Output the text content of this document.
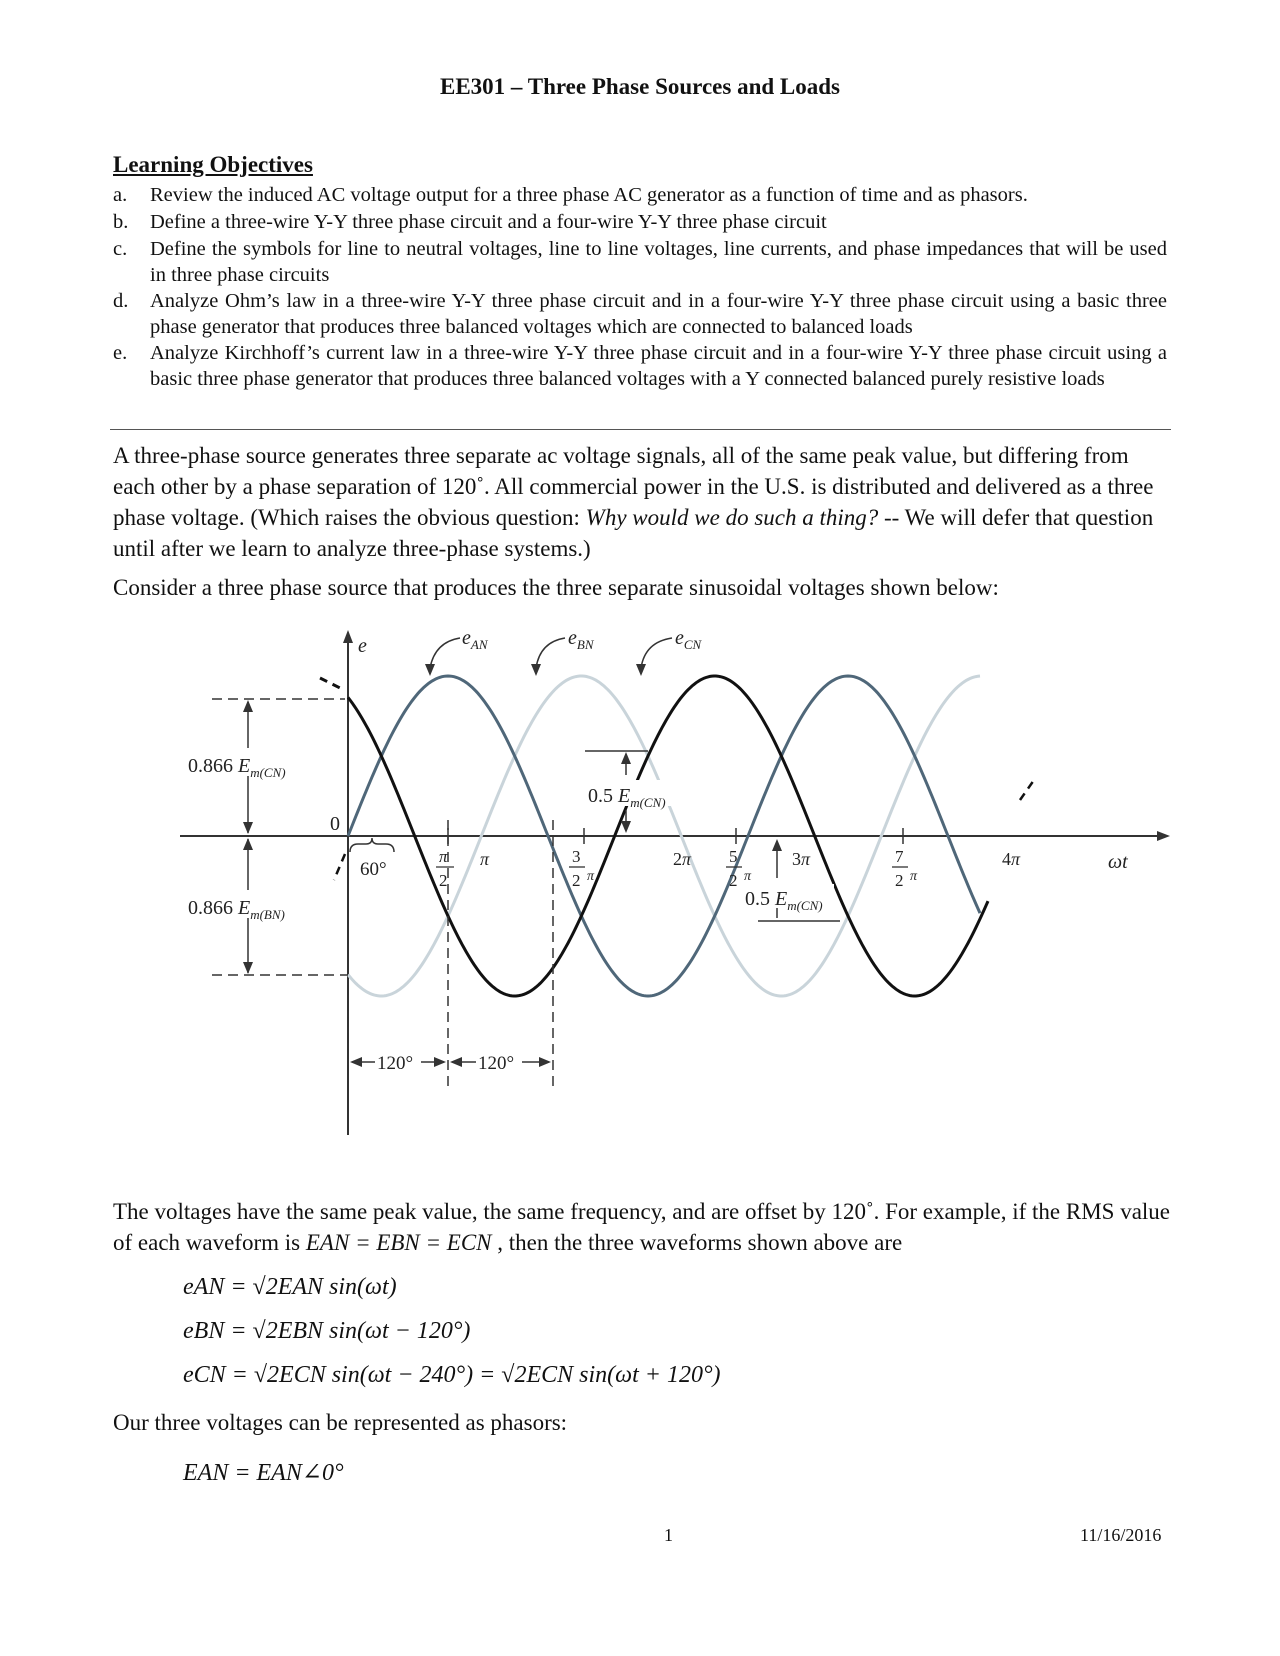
EE301 – Three Phase Sources and Loads
Learning Objectives
a.	Review the induced AC voltage output for a three phase AC generator as a function of time and as phasors.
b.	Define a three-wire Y-Y three phase circuit and a four-wire Y-Y three phase circuit
c.	Define the symbols for line to neutral voltages, line to line voltages, line currents, and phase impedances that will be used in three phase circuits
d.	Analyze Ohm’s law in a three-wire Y-Y three phase circuit and in a four-wire Y-Y three phase circuit using a basic three phase generator that produces three balanced voltages which are connected to balanced loads
e.	Analyze Kirchhoff’s current law in a three-wire Y-Y three phase circuit and in a four-wire Y-Y three phase circuit using a basic three phase generator that produces three balanced voltages with a Y connected balanced purely resistive loads
A three-phase source generates three separate ac voltage signals, all of the same peak value, but differing from each other by a phase separation of 120˚. All commercial power in the U.S. is distributed and delivered as a three phase voltage. (Which raises the obvious question: Why would we do such a thing? -- We will defer that question until after we learn to analyze three-phase systems.)
Consider a three phase source that produces the three separate sinusoidal voltages shown below:
e
ωt
0
$e_{AN}$	$e_{BN}$	$e_{CN}$
0.866 $E_{m(CN)}$
0.866 $E_{m(BN)}$
0.5 $E_{m(CN)}$
0.5 $E_{m(CN)}$
60°
120°	120°
π
2
π	3
2 π
2π 5
2 π
3π	7
2 π
4π
The voltages have the same peak value, the same frequency, and are offset by 120˚. For example, if the RMS value of each waveform is EAN = EBN = ECN , then the three waveforms shown above are
eAN = √2EAN sin(ωt)
eBN = √2EBN sin(ωt − 120°)
eCN = √2ECN sin(ωt − 240°) = √2ECN sin(ωt + 120°)
Our three voltages can be represented as phasors:
EAN = EAN∠0°
1	11/16/2016
